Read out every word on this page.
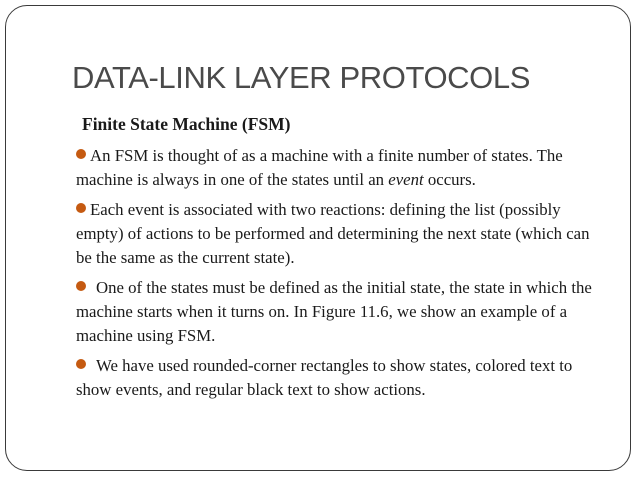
DATA-LINK LAYER PROTOCOLS
Finite State Machine (FSM)

An FSM is thought of as a machine with a finite number of states. The machine is always in one of the states until an event occurs.

Each event is associated with two reactions: defining the list (possibly empty) of actions to be performed and determining the next state (which can be the same as the current state).

One of the states must be defined as the initial state, the state in which the machine starts when it turns on. In Figure 11.6, we show an example of a machine using FSM.

We have used rounded-corner rectangles to show states, colored text to show events, and regular black text to show actions.
